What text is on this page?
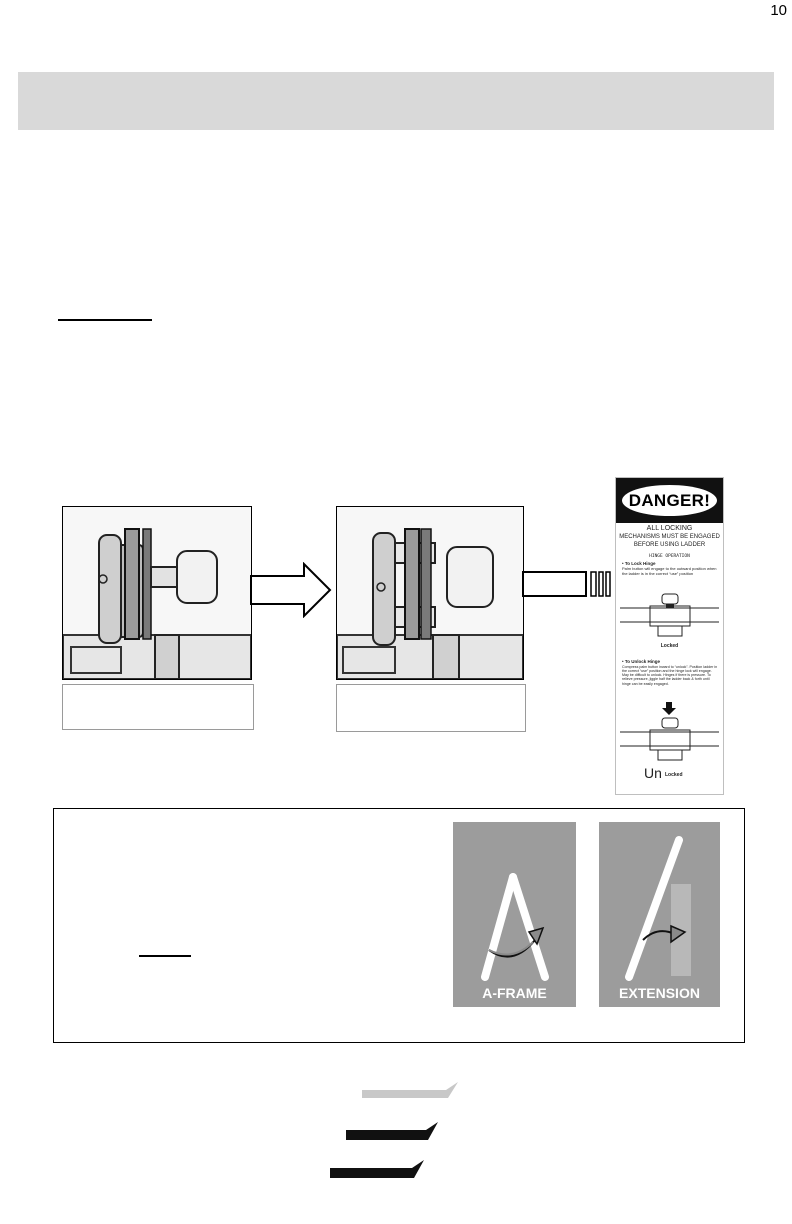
10
DANGER!
ALL LOCKING
MECHANISMS MUST BE ENGAGED
BEFORE USING LADDER
HINGE OPERATION
• To Lock Hinge
Palm button will engage to the outward position when the ladder is in the correct “use” position
Locked
• To Unlock Hinge
Compress palm button inward to “unlock”. Position ladder in the correct “use” position and the hinge lock will engage. May be difficult to unlock. Hinges if there is pressure. To relieve pressure, jiggle half the ladder back & forth until hinge can be easily engaged.
Un Locked
A-FRAME	EXTENSION
